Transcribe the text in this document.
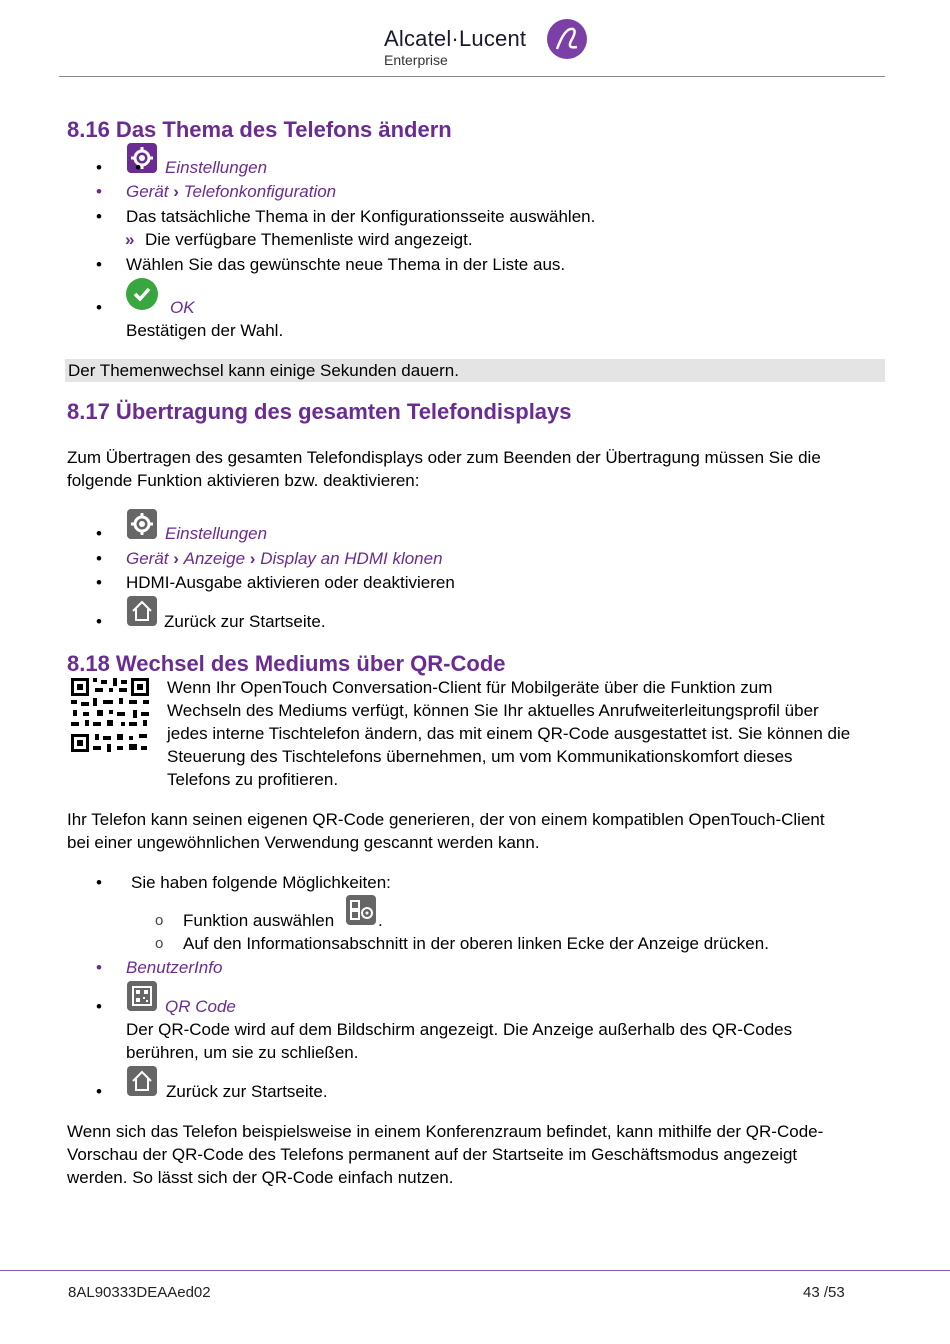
Alcatel·Lucent
Enterprise
8.16 Das Thema des Telefons ändern
• Einstellungen
•
• Gerät › Telefonkonfiguration
• Das tatsächliche Thema in der Konfigurationsseite auswählen.
» Die verfügbare Themenliste wird angezeigt.
• Wählen Sie das gewünschte neue Thema in der Liste aus.
•	OK
Bestätigen der Wahl.
Der Themenwechsel kann einige Sekunden dauern.
8.17 Übertragung des gesamten Telefondisplays
Zum Übertragen des gesamten Telefondisplays oder zum Beenden der Übertragung müssen Sie die
folgende Funktion aktivieren bzw. deaktivieren:
•	Einstellungen
• Gerät › Anzeige › Display an HDMI klonen
• HDMI-Ausgabe aktivieren oder deaktivieren
•	Zurück zur Startseite.
8.18 Wechsel des Mediums über QR-Code
Wenn Ihr OpenTouch Conversation-Client für Mobilgeräte über die Funktion zum
Wechseln des Mediums verfügt, können Sie Ihr aktuelles Anrufweiterleitungsprofil über
jedes interne Tischtelefon ändern, das mit einem QR-Code ausgestattet ist. Sie können die
Steuerung des Tischtelefons übernehmen, um vom Kommunikationskomfort dieses
Telefons zu profitieren.
Ihr Telefon kann seinen eigenen QR-Code generieren, der von einem kompatiblen OpenTouch-Client
bei einer ungewöhnlichen Verwendung gescannt werden kann.
• Sie haben folgende Möglichkeiten:
o Funktion auswählen	.
o Auf den Informationsabschnitt in der oberen linken Ecke der Anzeige drücken.
• BenutzerInfo
•	QR Code
Der QR-Code wird auf dem Bildschirm angezeigt. Die Anzeige außerhalb des QR-Codes
berühren, um sie zu schließen.
•	Zurück zur Startseite.
Wenn sich das Telefon beispielsweise in einem Konferenzraum befindet, kann mithilfe der QR-Code-
Vorschau der QR-Code des Telefons permanent auf der Startseite im Geschäftsmodus angezeigt
werden. So lässt sich der QR-Code einfach nutzen.
8AL90333DEAAed02	43 /53
